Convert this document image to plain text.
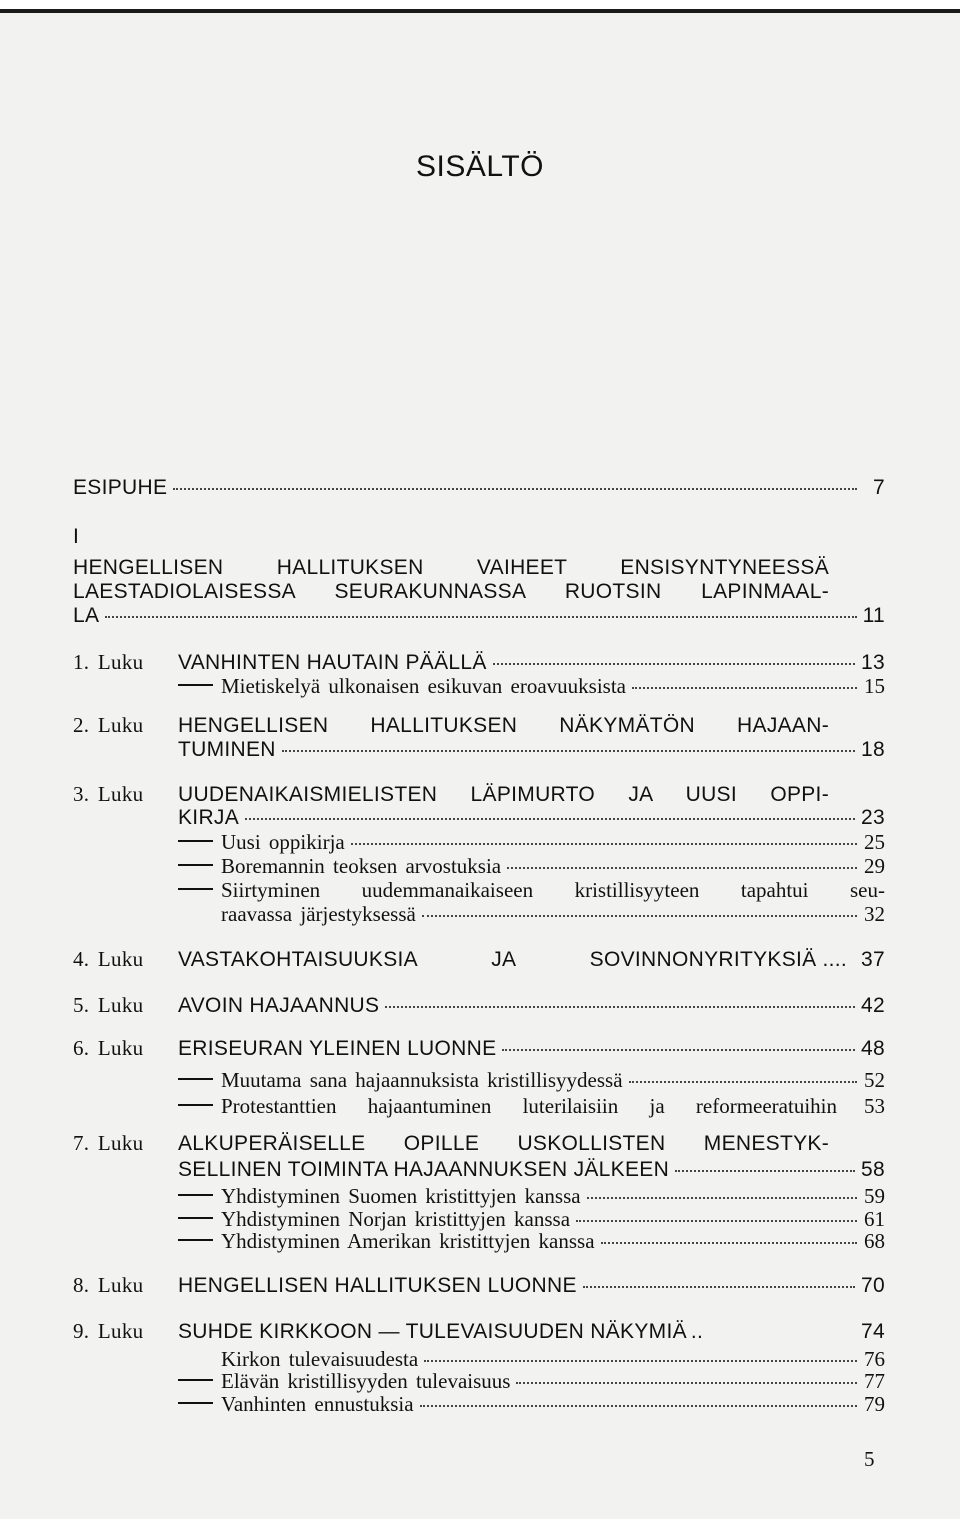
SISÄLTÖ
ESIPUHE	7
I
HENGELLISEN HALLITUKSEN VAIHEET ENSISYNTYNEESSÄ
LAESTADIOLAISESSA SEURAKUNNASSA RUOTSIN LAPINMAAL-
LA	11
1. Luku	VANHINTEN HAUTAIN PÄÄLLÄ	13
Mietiskelyä ulkonaisen esikuvan eroavuuksista	15
2. Luku	HENGELLISEN HALLITUKSEN NÄKYMÄTÖN HAJAAN-
TUMINEN	18
3. Luku	UUDENAIKAISMIELISTEN LÄPIMURTO JA UUSI OPPI-
KIRJA	23
Uusi oppikirja	25
Boremannin teoksen arvostuksia	29
Siirtyminen uudemmanaikaiseen kristillisyyteen tapahtui seu-
raavassa järjestyksessä	32
4. Luku	VASTAKOHTAISUUKSIA JA SOVINNONYRITYKSIÄ .... 37
5. Luku	AVOIN HAJAANNUS	42
6. Luku	ERISEURAN YLEINEN LUONNE	48
Muutama sana hajaannuksista kristillisyydessä	52
Protestanttien hajaantuminen luterilaisiin ja reformeeratuihin 53
7. Luku	ALKUPERÄISELLE OPILLE USKOLLISTEN MENESTYK-
SELLINEN TOIMINTA HAJAANNUKSEN JÄLKEEN	58
Yhdistyminen Suomen kristittyjen kanssa	59
Yhdistyminen Norjan kristittyjen kanssa	61
Yhdistyminen Amerikan kristittyjen kanssa	68
8. Luku	HENGELLISEN HALLITUKSEN LUONNE	70
9. Luku	SUHDE KIRKKOON — TULEVAISUUDEN NÄKYMIÄ ..	74
Kirkon tulevaisuudesta	76
Elävän kristillisyyden tulevaisuus	77
Vanhinten ennustuksia	79
5
